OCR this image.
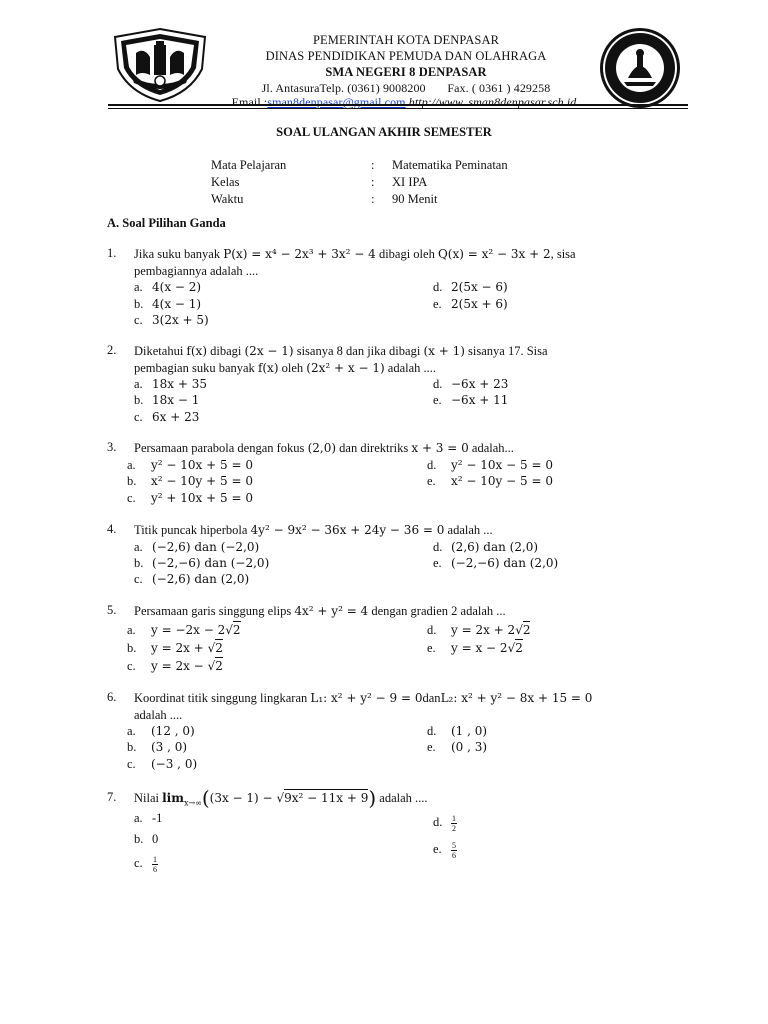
PEMERINTAH KOTA DENPASAR
DINAS PENDIDIKAN PEMUDA DAN OLAHRAGA
SMA NEGERI 8 DENPASAR
Jl. AntasuraTelp. (0361) 9008200       Fax. ( 0361 ) 429258
Email :sman8denpasar@gmail.com http://www. sman8denpasar.sch.id
SOAL ULANGAN AKHIR SEMESTER
Mata Pelajaran	: Matematika Peminatan
Kelas	: XI IPA
Waktu	: 90 Menit
A. Soal Pilihan Ganda
1. Jika suku banyak P(x) = x⁴ − 2x³ + 3x² − 4 dibagi oleh Q(x) = x² − 3x + 2, sisa
pembagiannya adalah ....
a. 4(x − 2)
b. 4(x − 1)
c. 3(2x + 5)
d. 2(5x − 6)
e. 2(5x + 6)
2. Diketahui f(x) dibagi (2x − 1) sisanya 8 dan jika dibagi (x + 1) sisanya 17. Sisa
pembagian suku banyak f(x) oleh (2x² + x − 1) adalah ....
a. 18x + 35
b. 18x − 1
c. 6x + 23
d. −6x + 23
e. −6x + 11
3. Persamaan parabola dengan fokus (2,0) dan direktriks x + 3 = 0 adalah...
a. y² − 10x + 5 = 0
b. x² − 10y + 5 = 0
c. y² + 10x + 5 = 0
d. y² − 10x − 5 = 0
e. x² − 10y − 5 = 0
4. Titik puncak hiperbola 4y² − 9x² − 36x + 24y − 36 = 0 adalah ...
a. (−2,6) dan (−2,0)
b. (−2,−6) dan (−2,0)
c. (−2,6) dan (2,0)
d. (2,6) dan (2,0)
e. (−2,−6) dan (2,0)
5. Persamaan garis singgung elips 4x² + y² = 4 dengan gradien 2 adalah ...
a. y = −2x − 2√2
b. y = 2x + √2
c. y = 2x − √2
d. y = 2x + 2√2
e. y = x − 2√2
6. Koordinat titik singgung lingkaran L₁: x² + y² − 9 = 0danL₂: x² + y² − 8x + 15 = 0
adalah ....
a. (12 , 0)
b. (3 , 0)
c. (−3 , 0)
d. (1 , 0)
e. (0 , 3)
7. Nilai $\lim_{x\to\infty}((3x - 1) - √9x^2 - 11x + 9)$ adalah ....
a. -1
b. 0
c. $\frac{1}{6}$
d. $\frac{1}{2}$
e. $\frac{5}{6}$
